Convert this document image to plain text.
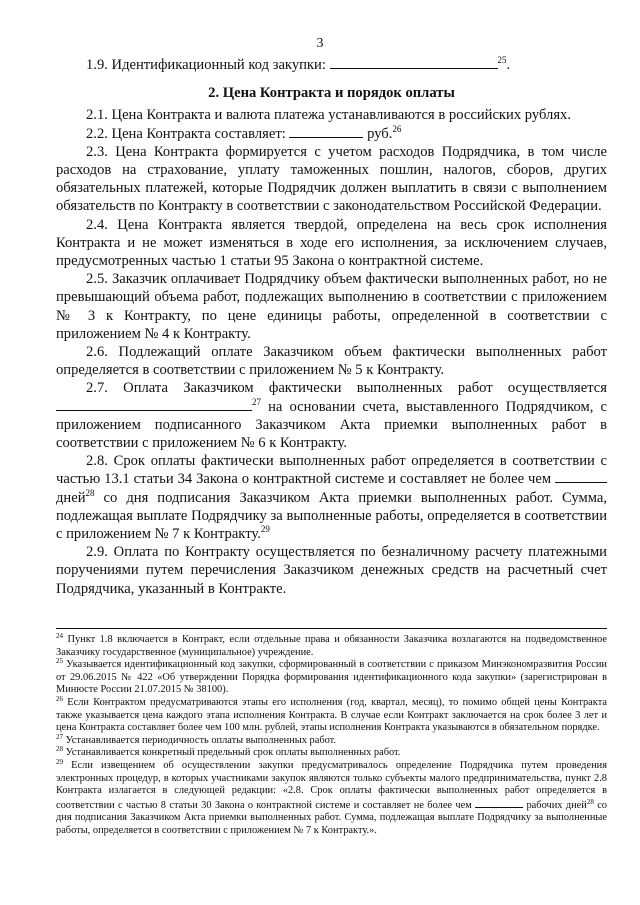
3

1.9. Идентификационный код закупки:	$^{25}$.

2. Цена Контракта и порядок оплаты

2.1. Цена Контракта и валюта платежа устанавливаются в российских рублях.

2.2. Цена Контракта составляет:	руб.$^{26}$

2.3. Цена Контракта формируется с учетом расходов Подрядчика, в том числе расходов на страхование, уплату таможенных пошлин, налогов, сборов, других обязательных платежей, которые Подрядчик должен выплатить в связи с выполнением обязательств по Контракту в соответствии с законодательством Российской Федерации.

2.4. Цена Контракта является твердой, определена на весь срок исполнения Контракта и не может изменяться в ходе его исполнения, за исключением случаев, предусмотренных частью 1 статьи 95 Закона о контрактной системе.

2.5. Заказчик оплачивает Подрядчику объем фактически выполненных работ, но не превышающий объема работ, подлежащих выполнению в соответствии с приложением № 3 к Контракту, по цене единицы работы, определенной в соответствии с приложением № 4 к Контракту.

2.6. Подлежащий оплате Заказчиком объем фактически выполненных работ определяется в соответствии с приложением № 5 к Контракту.

2.7. Оплата Заказчиком фактически выполненных работ осуществляется $^{27}$ на основании счета, выставленного Подрядчиком, с приложением подписанного Заказчиком Акта приемки выполненных работ в соответствии с приложением № 6 к Контракту.

2.8. Срок оплаты фактически выполненных работ определяется в соответствии с частью 13.1 статьи 34 Закона о контрактной системе и составляет не более чем  дней$^{28}$ со дня подписания Заказчиком Акта приемки выполненных работ. Сумма, подлежащая выплате Подрядчику за выполненные работы, определяется в соответствии с приложением № 7 к Контракту.$^{29}$

2.9. Оплата по Контракту осуществляется по безналичному расчету платежными поручениями путем перечисления Заказчиком денежных средств на расчетный счет Подрядчика, указанный в Контракте.

$^{24}$ Пункт 1.8 включается в Контракт, если отдельные права и обязанности Заказчика возлагаются на подведомственное Заказчику государственное (муниципальное) учреждение.

$^{25}$ Указывается идентификационный код закупки, сформированный в соответствии с приказом Минэкономразвития России от 29.06.2015 № 422 «Об утверждении Порядка формирования идентификационного кода закупки» (зарегистрирован в Минюсте России 21.07.2015 № 38100).

$^{26}$ Если Контрактом предусматриваются этапы его исполнения (год, квартал, месяц), то помимо общей цены Контракта также указывается цена каждого этапа исполнения Контракта. В случае если Контракт заключается на срок более 3 лет и цена Контракта составляет более чем 100 млн. рублей, этапы исполнения Контракта указываются в обязательном порядке.

$^{27}$ Устанавливается периодичность оплаты выполненных работ.

$^{28}$ Устанавливается конкретный предельный срок оплаты выполненных работ.

$^{29}$ Если извещением об осуществлении закупки предусматривалось определение Подрядчика путем проведения электронных процедур, в которых участниками закупок являются только субъекты малого предпринимательства, пункт 2.8 Контракта излагается в следующей редакции: «2.8. Срок оплаты фактически выполненных работ определяется в соответствии с частью 8 статьи 30 Закона о контрактной системе и составляет не более чем	рабочих дней$^{28}$ со дня подписания Заказчиком Акта приемки выполненных работ. Сумма, подлежащая выплате Подрядчику за выполненные работы, определяется в соответствии с приложением № 7 к Контракту.».
